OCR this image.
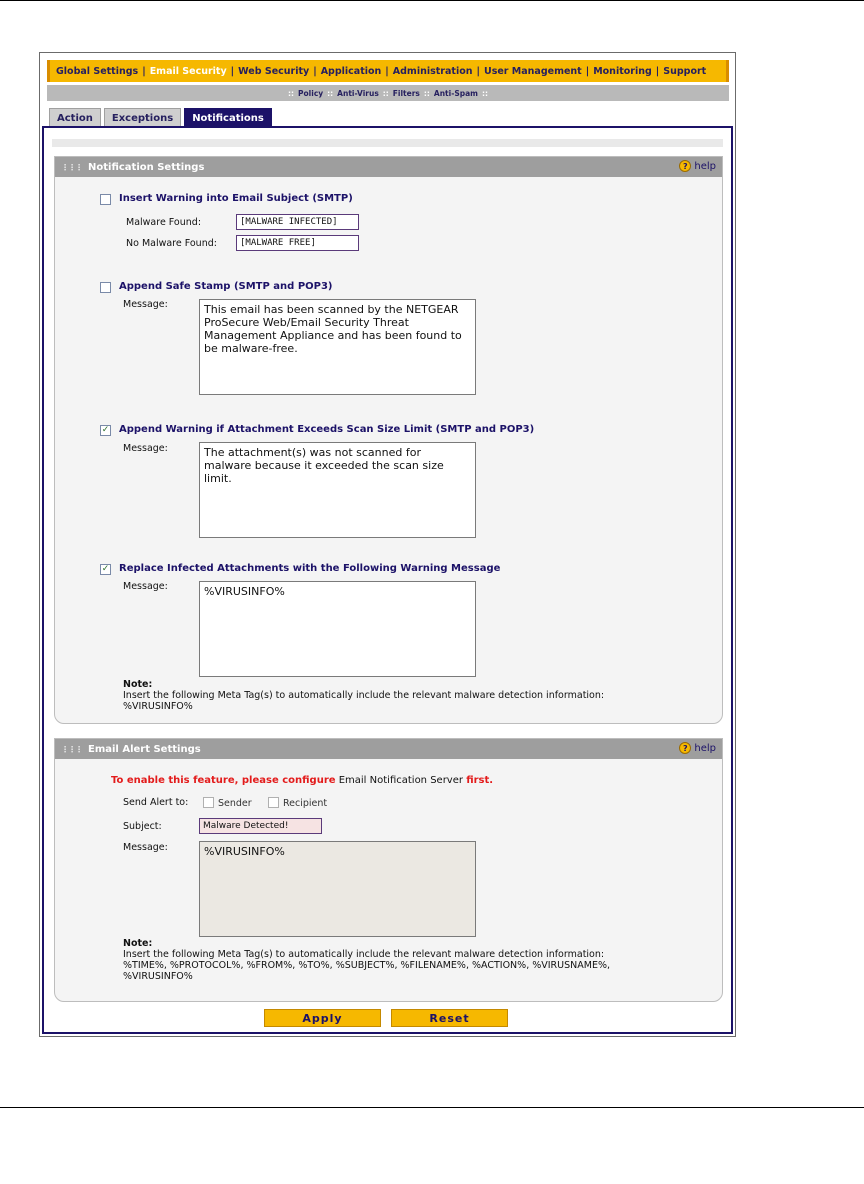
Global Settings | Email Security | Web Security | Application | Administration | User Management | Monitoring | Support
:: Policy :: Anti-Virus :: Filters :: Anti-Spam ::
Action	Exceptions	Notifications
⋮⋮⋮ Notification Settings	? help
Insert Warning into Email Subject (SMTP)
Malware Found:	[MALWARE INFECTED]
No Malware Found:	[MALWARE FREE]
Append Safe Stamp (SMTP and POP3)
Message:	This email has been scanned by the NETGEAR ProSecure Web/Email Security Threat Management Appliance and has been found to be malware-free.
✓ Append Warning if Attachment Exceeds Scan Size Limit (SMTP and POP3)
Message:	The attachment(s) was not scanned for malware because it exceeded the scan size limit.
✓ Replace Infected Attachments with the Following Warning Message
Message:	%VIRUSINFO%
Note:
Insert the following Meta Tag(s) to automatically include the relevant malware detection information:
%VIRUSINFO%
⋮⋮⋮ Email Alert Settings	? help
To enable this feature, please configure Email Notification Server first.
Send Alert to:	Sender	Recipient
Subject:	Malware Detected!
Message:	%VIRUSINFO%
Note:
Insert the following Meta Tag(s) to automatically include the relevant malware detection information:
%TIME%, %PROTOCOL%, %FROM%, %TO%, %SUBJECT%, %FILENAME%, %ACTION%, %VIRUSNAME%, %VIRUSINFO%
Apply	Reset
